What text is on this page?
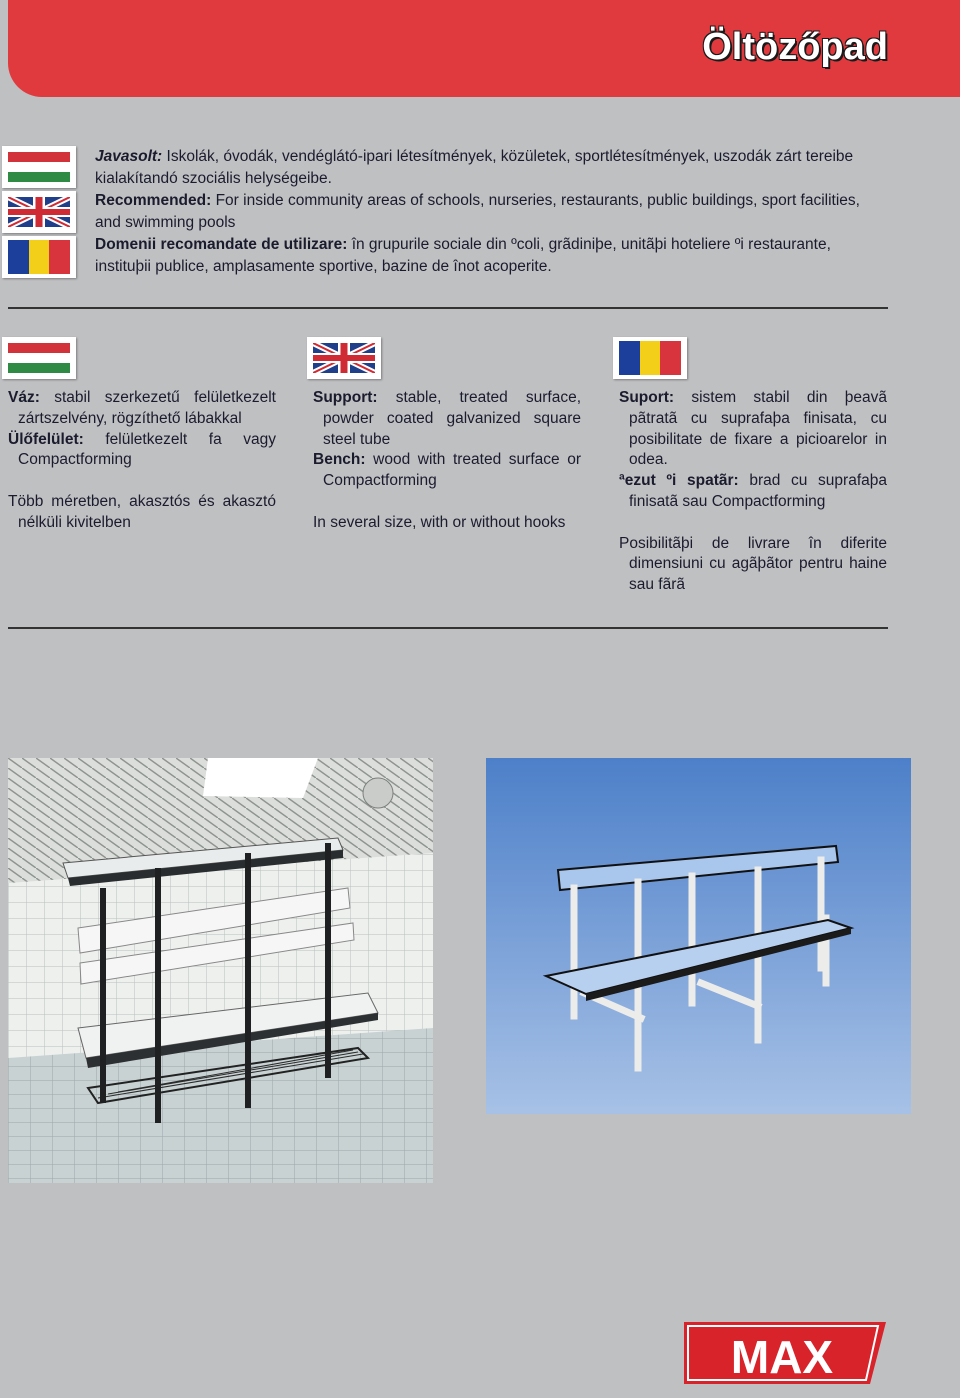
Öltözőpad

Javasolt: Iskolák, óvodák, vendéglátó-ipari létesítmények, közületek, sportlétesítmények, uszodák zárt tereibe kialakítandó szociális helységeibe.

Recommended: For inside community areas of schools, nurseries, restaurants, public buildings, sport facilities, and swimming pools

Domenii recomandate de utilizare: în grupurile sociale din ºcoli, grãdiniþe, unitãþi hoteliere ºi restaurante, instituþii publice, amplasamente sportive, bazine de înot acoperite.

Váz: stabil szerkezetű felületkezelt zártszelvény, rögzíthető lábakkal

Ülőfelület: felületkezelt fa vagy Compactforming

Több méretben, akasztós és akasztó nélküli kivitelben

Support: stable, treated surface, powder coated galvanized square steel tube

Bench: wood with treated surface or Compactforming

In several size, with or without hooks

Suport: sistem stabil din þeavã pãtratã cu suprafaþa finisata, cu posibilitate de fixare a picioarelor in odea.

ªezut ºi spatãr: brad cu suprafaþa finisatã sau Compactforming

Posibilitãþi de livrare în diferite dimensiuni cu agãþãtor pentru haine sau fãrã

MAX
